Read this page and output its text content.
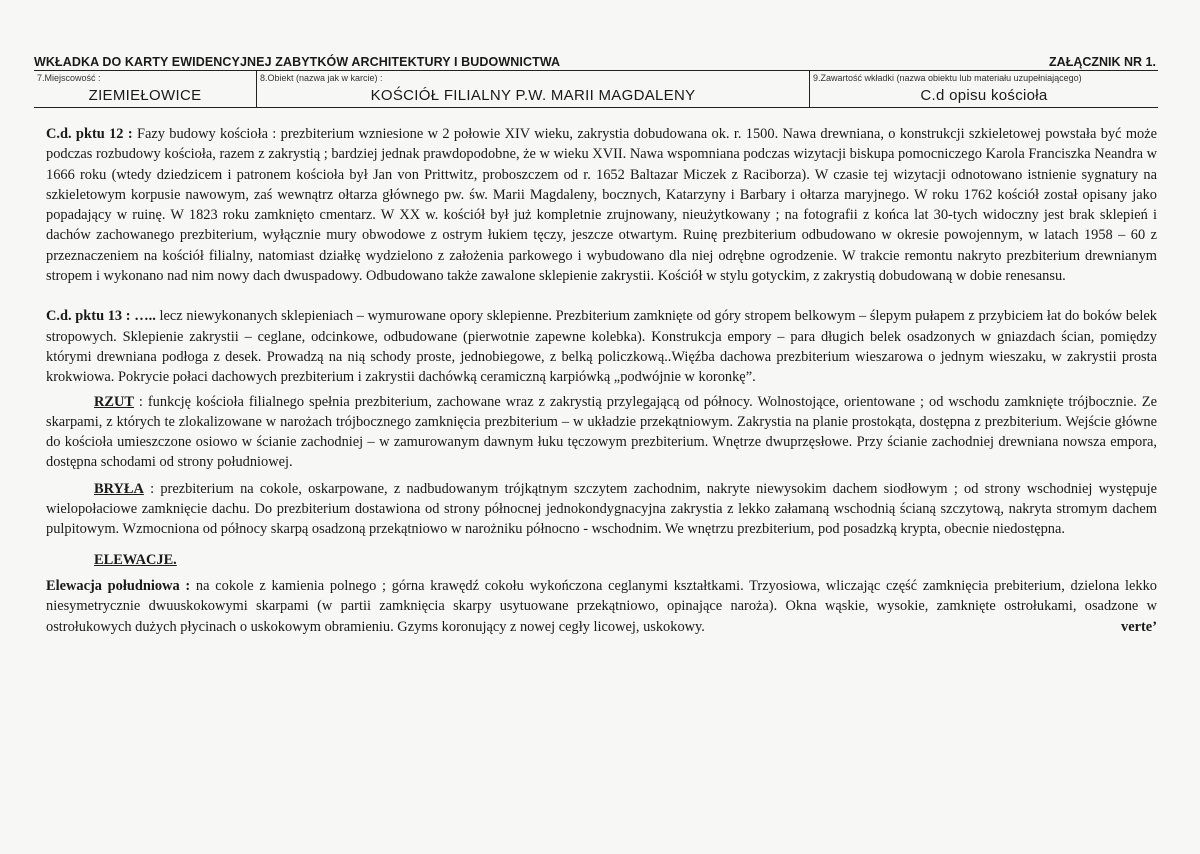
WKŁADKA DO KARTY EWIDENCYJNEJ ZABYTKÓW ARCHITEKTURY I BUDOWNICTWA	ZAŁĄCZNIK NR 1.
7.Miejscowość :
ZIEMIEŁOWICE
8.Obiekt (nazwa jak w karcie) :
KOŚCIÓŁ FILIALNY P.W. MARII MAGDALENY
9.Zawartość wkładki (nazwa obiektu lub materiału uzupełniającego)
C.d opisu kościoła

C.d. pktu 12 : Fazy budowy kościoła : prezbiterium wzniesione w 2 połowie XIV wieku, zakrystia dobudowana ok. r. 1500. Nawa drewniana, o konstrukcji szkieletowej powstała być może podczas rozbudowy kościoła, razem z zakrystią ; bardziej jednak prawdopodobne, że w wieku XVII. Nawa wspomniana podczas wizytacji biskupa pomocniczego Karola Franciszka Neandra w 1666 roku (wtedy dziedzicem i patronem kościoła był Jan von Prittwitz, proboszczem od r. 1652 Baltazar Miczek z Raciborza). W czasie tej wizytacji odnotowano istnienie sygnatury na szkieletowym korpusie nawowym, zaś wewnątrz ołtarza głównego pw. św. Marii Magdaleny, bocznych, Katarzyny i Barbary i ołtarza maryjnego. W roku 1762 kościół został opisany jako popadający w ruinę. W 1823 roku zamknięto cmentarz. W XX w. kościół był już kompletnie zrujnowany, nieużytkowany ; na fotografii z końca lat 30-tych widoczny jest brak sklepień i dachów zachowanego prezbiterium, wyłącznie mury obwodowe z ostrym łukiem tęczy, jeszcze otwartym. Ruinę prezbiterium odbudowano w okresie powojennym, w latach 1958 – 60 z przeznaczeniem na kościół filialny, natomiast działkę wydzielono z założenia parkowego i wybudowano dla niej odrębne ogrodzenie. W trakcie remontu nakryto prezbiterium drewnianym stropem i wykonano nad nim nowy dach dwuspadowy. Odbudowano także zawalone sklepienie zakrystii. Kościół w stylu gotyckim, z zakrystią dobudowaną w dobie renesansu.

C.d. pktu 13 : ….. lecz niewykonanych sklepieniach – wymurowane opory sklepienne. Prezbiterium zamknięte od góry stropem belkowym – ślepym pułapem z przybiciem łat do boków belek stropowych. Sklepienie zakrystii – ceglane, odcinkowe, odbudowane (pierwotnie zapewne kolebka). Konstrukcja empory – para długich belek osadzonych w gniazdach ścian, pomiędzy którymi drewniana podłoga z desek. Prowadzą na nią schody proste, jednobiegowe, z belką policzkową..Więźba dachowa prezbiterium wieszarowa o jednym wieszaku, w zakrystii prosta krokwiowa. Pokrycie połaci dachowych prezbiterium i zakrystii dachówką ceramiczną karpiówką „podwójnie w koronkę”.

RZUT : funkcję kościoła filialnego spełnia prezbiterium, zachowane wraz z zakrystią przylegającą od północy. Wolnostojące, orientowane ; od wschodu zamknięte trójbocznie. Ze skarpami, z których te zlokalizowane w narożach trójbocznego zamknięcia prezbiterium – w układzie przekątniowym. Zakrystia na planie prostokąta, dostępna z prezbiterium. Wejście główne do kościoła umieszczone osiowo w ścianie zachodniej – w zamurowanym dawnym łuku tęczowym prezbiterium. Wnętrze dwuprzęsłowe. Przy ścianie zachodniej drewniana nowsza empora, dostępna schodami od strony południowej.

BRYŁA : prezbiterium na cokole, oskarpowane, z nadbudowanym trójkątnym szczytem zachodnim, nakryte niewysokim dachem siodłowym ; od strony wschodniej występuje wielopołaciowe zamknięcie dachu. Do prezbiterium dostawiona od strony północnej jednokondygnacyjna zakrystia z lekko załamaną wschodnią ścianą szczytową, nakryta stromym dachem pulpitowym. Wzmocniona od północy skarpą osadzoną przekątniowo w narożniku północno - wschodnim. We wnętrzu prezbiterium, pod posadzką krypta, obecnie niedostępna.

ELEWACJE.

Elewacja południowa : na cokole z kamienia polnego ; górna krawędź cokołu wykończona ceglanymi kształtkami. Trzyosiowa, wliczając część zamknięcia prebiterium, dzielona lekko niesymetrycznie dwuuskokowymi skarpami (w partii zamknięcia skarpy usytuowane przekątniowo, opinające naroża). Okna wąskie, wysokie, zamknięte ostrołukami, osadzone w ostrołukowych dużych płycinach o uskokowym obramieniu. Gzyms koronujący z nowej cegły licowej, uskokowy.	verte’
